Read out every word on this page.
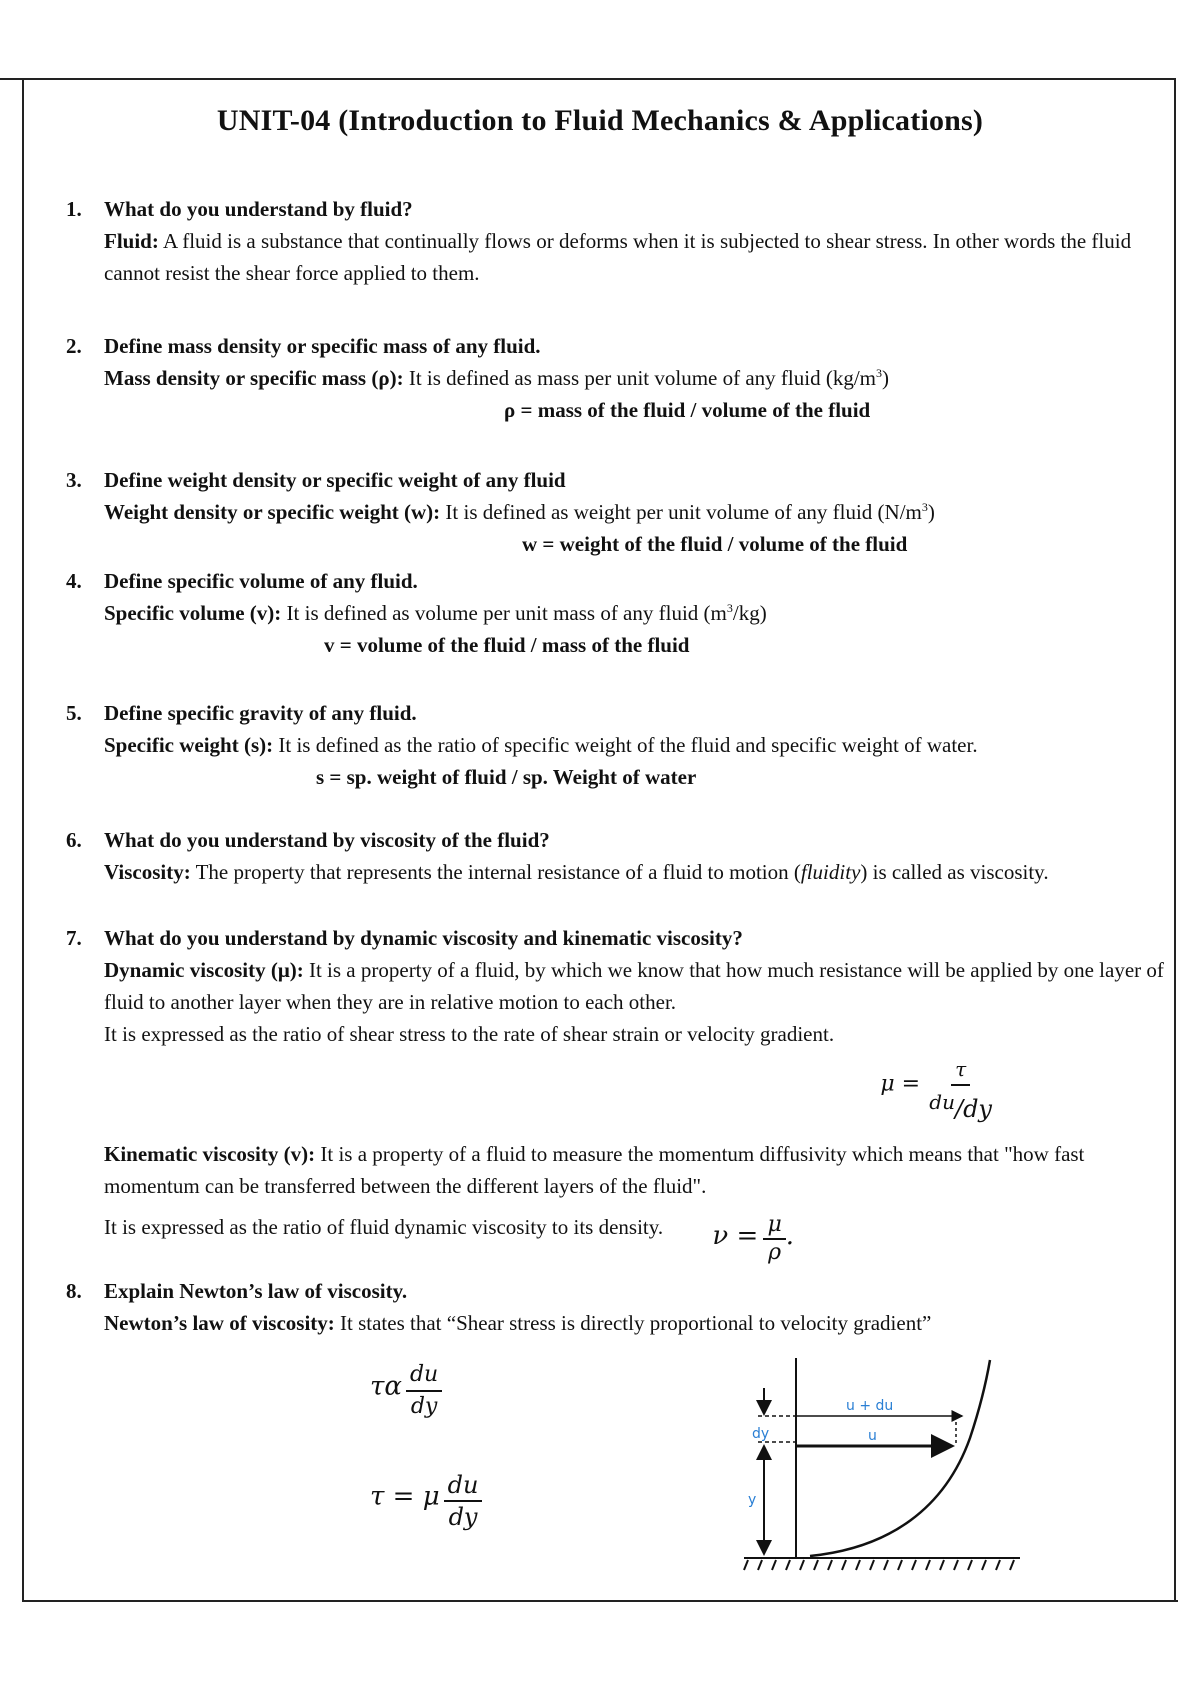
UNIT-04 (Introduction to Fluid Mechanics & Applications)
1. What do you understand by fluid?
Fluid: A fluid is a substance that continually flows or deforms when it is subjected to shear stress. In other words the fluid cannot resist the shear force applied to them.
2. Define mass density or specific mass of any fluid.
Mass density or specific mass (ρ): It is defined as mass per unit volume of any fluid $(kg/m^3)$
ρ = mass of the fluid / volume of the fluid
3. Define weight density or specific weight of any fluid
Weight density or specific weight (w): It is defined as weight per unit volume of any fluid $(N/m^3)$
w = weight of the fluid / volume of the fluid
4. Define specific volume of any fluid.
Specific volume (v): It is defined as volume per unit mass of any fluid $(m^3/kg)$
v = volume of the fluid / mass of the fluid
5. Define specific gravity of any fluid.
Specific weight (s): It is defined as the ratio of specific weight of the fluid and specific weight of water.
s = sp. weight of fluid / sp. Weight of water
6. What do you understand by viscosity of the fluid?
Viscosity: The property that represents the internal resistance of a fluid to motion (fluidity) is called as viscosity.
7. What do you understand by dynamic viscosity and kinematic viscosity?
Dynamic viscosity (μ): It is a property of a fluid, by which we know that how much resistance will be applied by one layer of fluid to another layer when they are in relative motion to each other.
It is expressed as the ratio of shear stress to the rate of shear strain or velocity gradient.
$\mu = \frac{\tau}{du/dy}$
Kinematic viscosity (v): It is a property of a fluid to measure the momentum diffusivity which means that "how fast momentum can be transferred between the different layers of the fluid".
It is expressed as the ratio of fluid dynamic viscosity to its density. $\nu = \frac{\mu}{\rho}$ .
8. Explain Newton’s law of viscosity.
Newton’s law of viscosity: It states that “Shear stress is directly proportional to velocity gradient”
τα $\frac{du}{dy}$
τ = μ $\frac{du}{dy}$
u + du
u
dy
y
